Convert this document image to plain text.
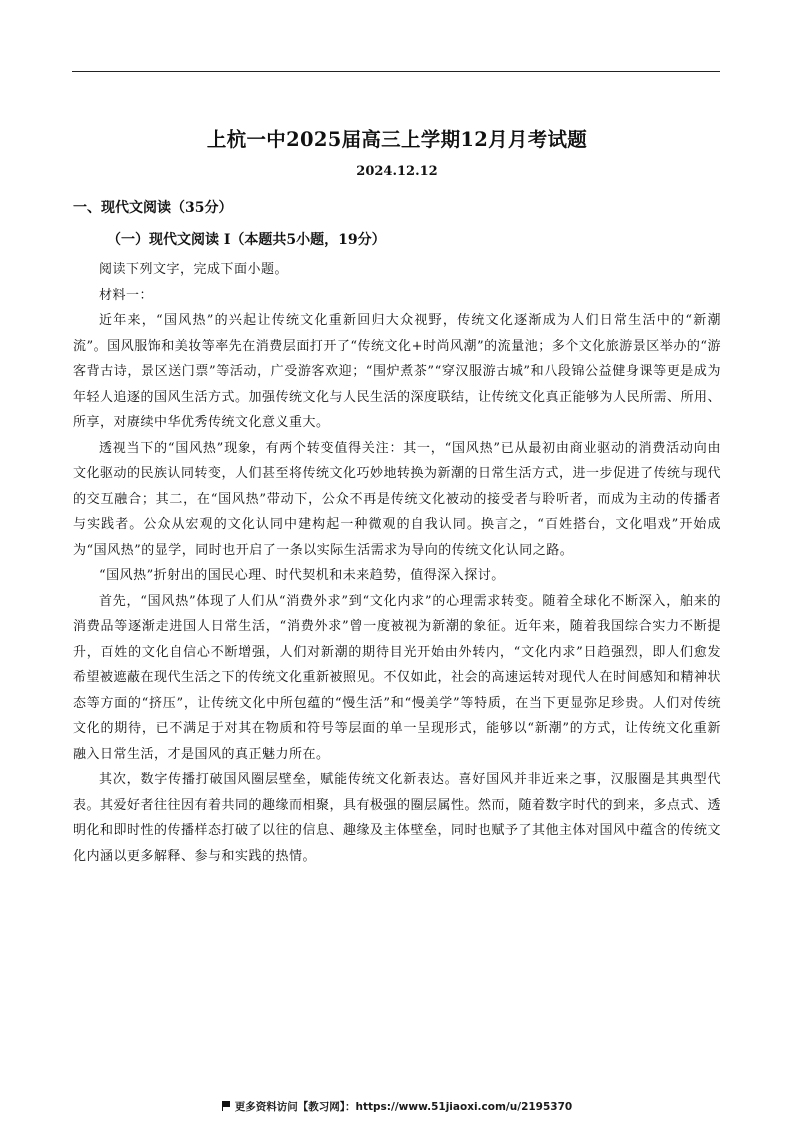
上杭一中2025届高三上学期12月月考试题
2024.12.12
一、现代文阅读（35分）
（一）现代文阅读 I（本题共5小题，19分）

阅读下列文字，完成下面小题。

材料一：

近年来，“国风热”的兴起让传统文化重新回归大众视野，传统文化逐渐成为人们日常生活中的“新潮流”。国风服饰和美妆等率先在消费层面打开了“传统文化+时尚风潮”的流量池；多个文化旅游景区举办的“游客背古诗，景区送门票”等活动，广受游客欢迎；“围炉煮茶”“穿汉服游古城”和八段锦公益健身课等更是成为年轻人追逐的国风生活方式。加强传统文化与人民生活的深度联结，让传统文化真正能够为人民所需、所用、所享，对赓续中华优秀传统文化意义重大。

透视当下的“国风热”现象，有两个转变值得关注：其一，“国风热”已从最初由商业驱动的消费活动向由文化驱动的民族认同转变，人们甚至将传统文化巧妙地转换为新潮的日常生活方式，进一步促进了传统与现代的交互融合；其二，在“国风热”带动下，公众不再是传统文化被动的接受者与聆听者，而成为主动的传播者与实践者。公众从宏观的文化认同中建构起一种微观的自我认同。换言之，“百姓搭台，文化唱戏”开始成为“国风热”的显学，同时也开启了一条以实际生活需求为导向的传统文化认同之路。

“国风热”折射出的国民心理、时代契机和未来趋势，值得深入探讨。

首先，“国风热”体现了人们从“消费外求”到“文化内求”的心理需求转变。随着全球化不断深入，舶来的消费品等逐渐走进国人日常生活，“消费外求”曾一度被视为新潮的象征。近年来，随着我国综合实力不断提升，百姓的文化自信心不断增强，人们对新潮的期待目光开始由外转内，“文化内求”日趋强烈，即人们愈发希望被遮蔽在现代生活之下的传统文化重新被照见。不仅如此，社会的高速运转对现代人在时间感知和精神状态等方面的“挤压”，让传统文化中所包蕴的“慢生活”和“慢美学”等特质，在当下更显弥足珍贵。人们对传统文化的期待，已不满足于对其在物质和符号等层面的单一呈现形式，能够以“新潮”的方式，让传统文化重新融入日常生活，才是国风的真正魅力所在。

其次，数字传播打破国风圈层壁垒，赋能传统文化新表达。喜好国风并非近来之事，汉服圈是其典型代表。其爱好者往往因有着共同的趣缘而相聚，具有极强的圈层属性。然而，随着数字时代的到来，多点式、透明化和即时性的传播样态打破了以往的信息、趣缘及主体壁垒，同时也赋予了其他主体对国风中蕴含的传统文化内涵以更多解释、参与和实践的热情。

更多资料访问【教习网】：https://www.51jiaoxi.com/u/2195370
